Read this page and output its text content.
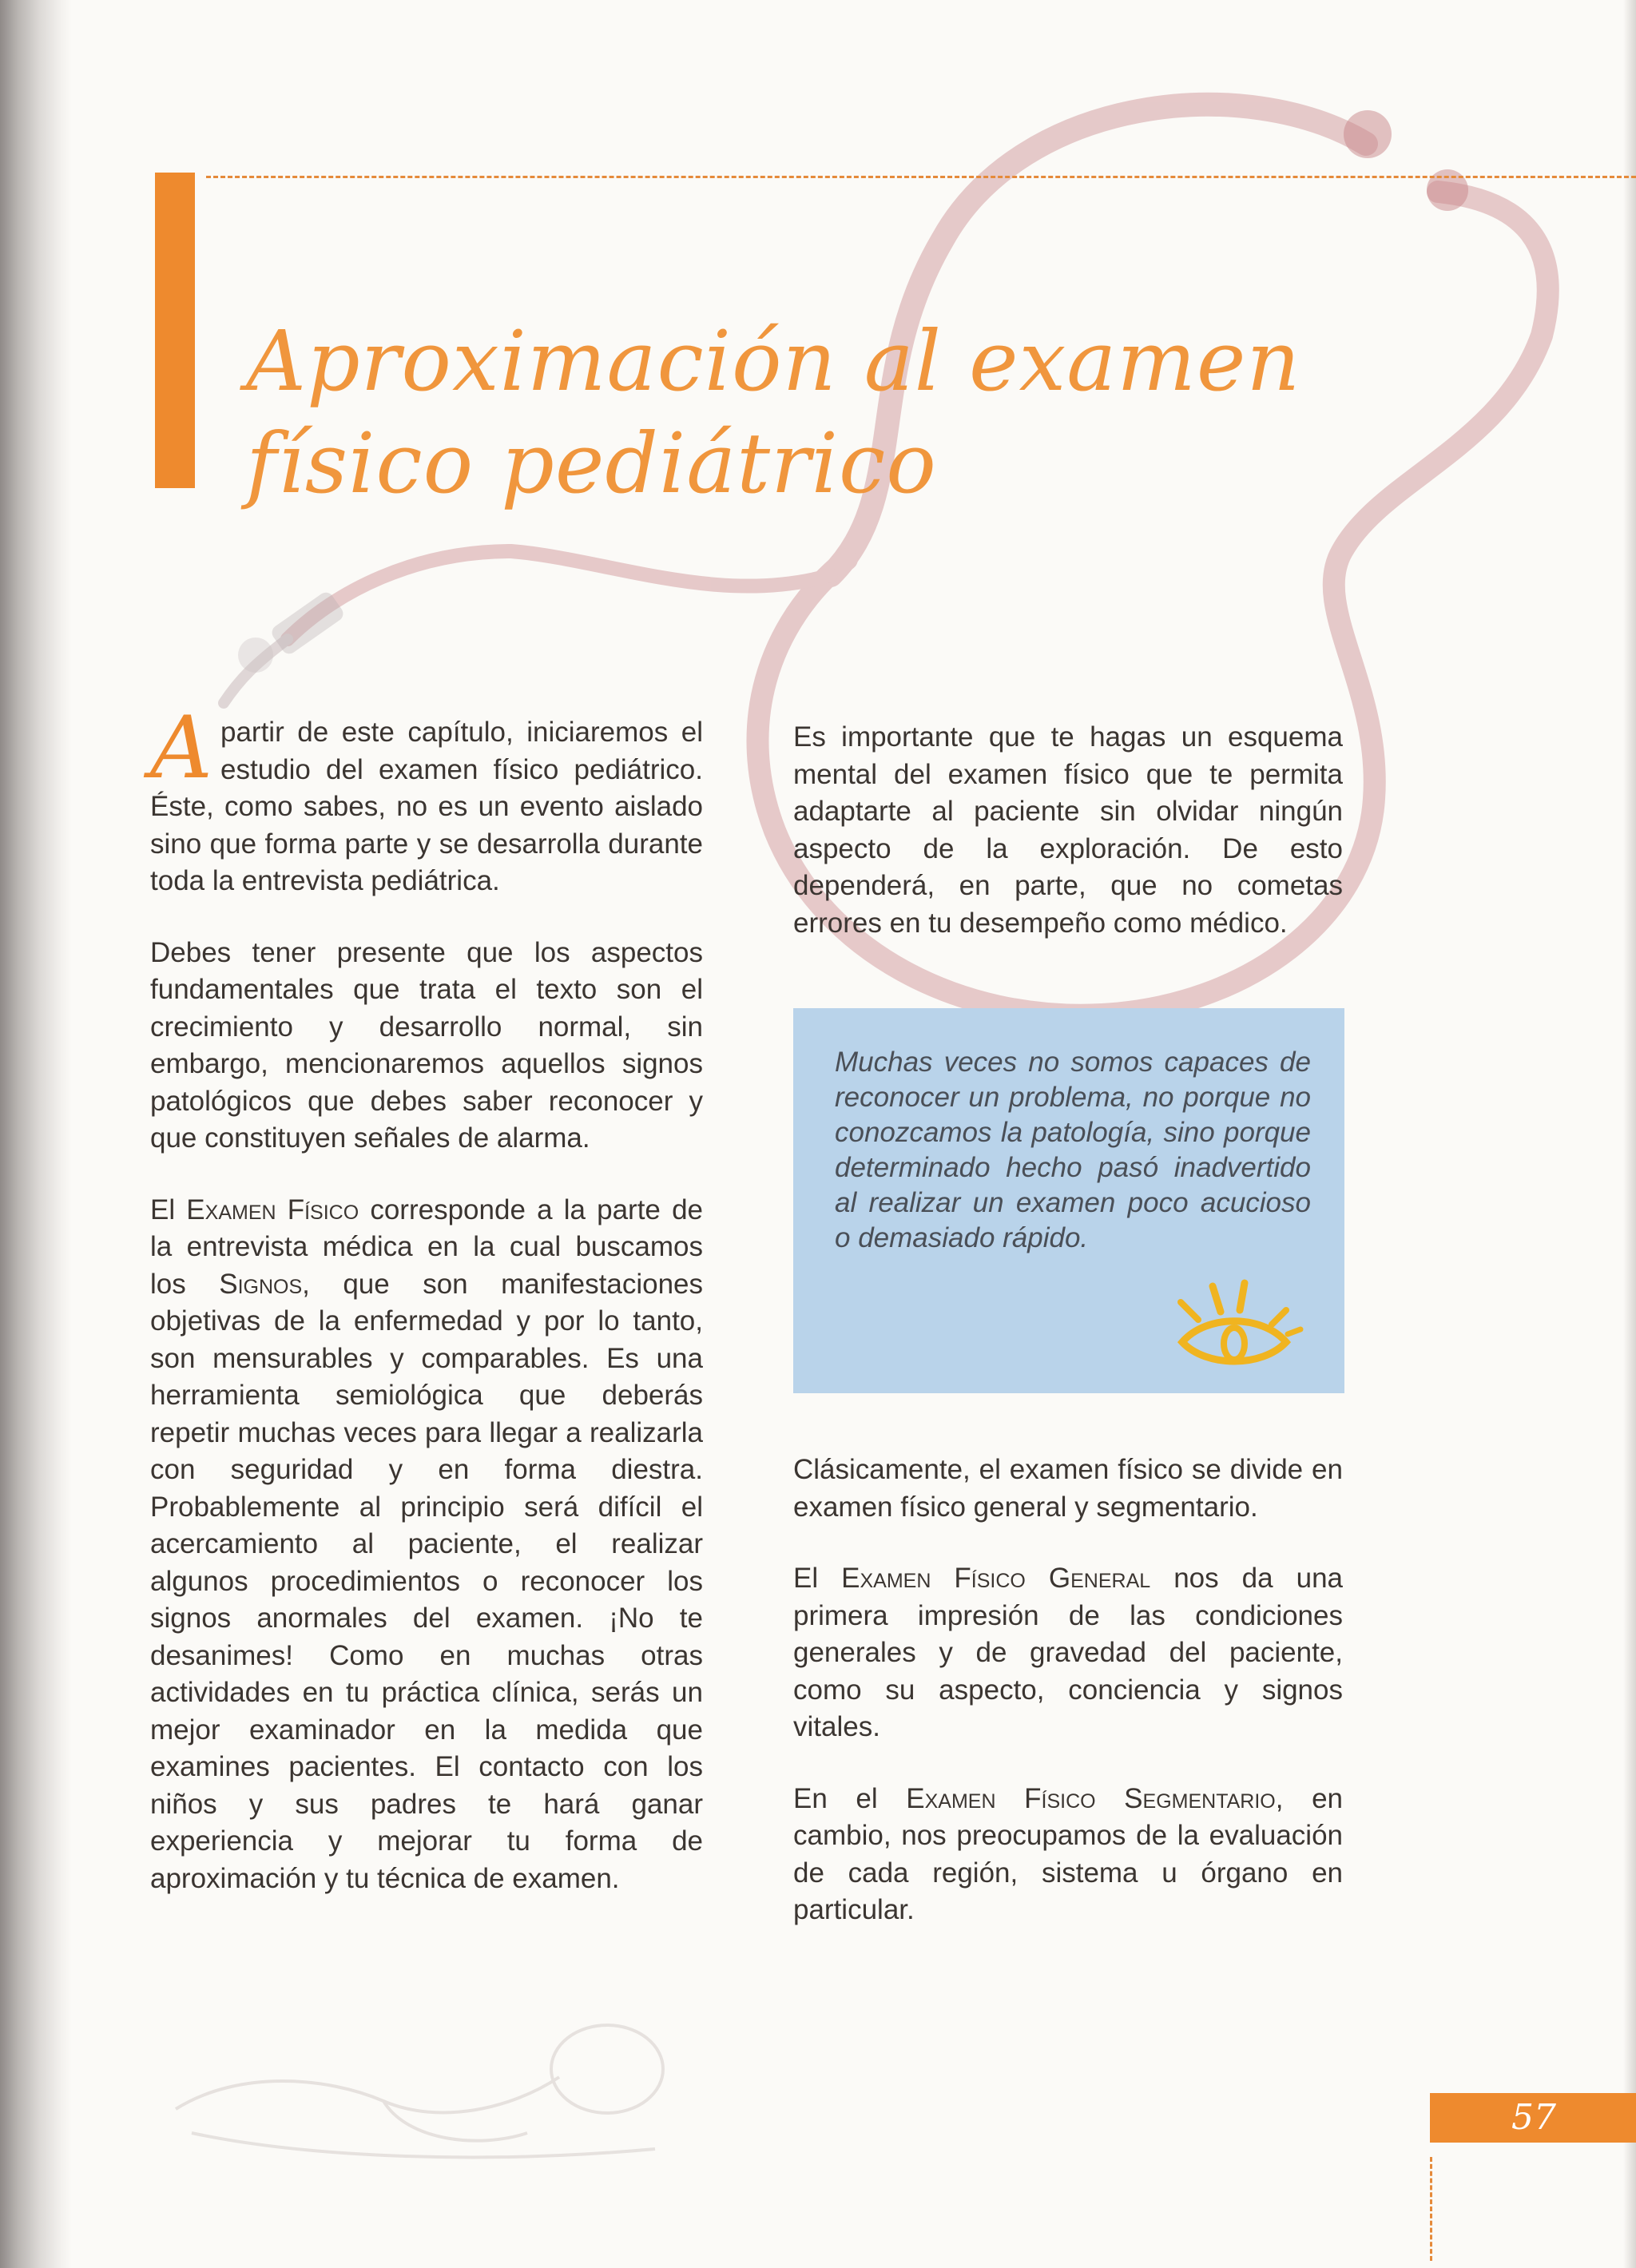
Aproximación al examen
físico pediátrico

Apartir de este capítulo, iniciaremos el estudio del examen físico pediátrico. Éste, como sabes, no es un evento aislado sino que forma parte y se desarrolla durante toda la entrevista pediátrica.

Debes tener presente que los aspectos fundamentales que trata el texto son el crecimiento y desarrollo normal, sin embargo, mencionaremos aquellos signos patológicos que debes saber reconocer y que constituyen señales de alarma.

El Examen Físico corresponde a la parte de la entrevista médica en la cual buscamos los Signos, que son manifestaciones objetivas de la enfermedad y por lo tanto, son mensurables y comparables. Es una herramienta semiológica que deberás repetir muchas veces para llegar a realizarla con seguridad y en forma diestra. Probablemente al principio será difícil el acercamiento al paciente, el realizar algunos procedimientos o reconocer los signos anormales del examen. ¡No te desanimes! Como en muchas otras actividades en tu práctica clínica, serás un mejor examinador en la medida que examines pacientes. El contacto con los niños y sus padres te hará ganar experiencia y mejorar tu forma de aproximación y tu técnica de examen.

Es importante que te hagas un esquema mental del examen físico que te permita adaptarte al paciente sin olvidar ningún aspecto de la exploración. De esto dependerá, en parte, que no cometas errores en tu desempeño como médico.

Muchas veces no somos capaces de reconocer un problema, no porque no conozcamos la patología, sino porque determinado hecho pasó inadvertido al realizar un examen poco acucioso o demasiado rápido.

Clásicamente, el examen físico se divide en examen físico general y segmentario.

El Examen Físico General nos da una primera impresión de las condiciones generales y de gravedad del paciente, como su aspecto, conciencia y signos vitales.

En el Examen Físico Segmentario, en cambio, nos preocupamos de la evaluación de cada región, sistema u órgano en particular.

57
